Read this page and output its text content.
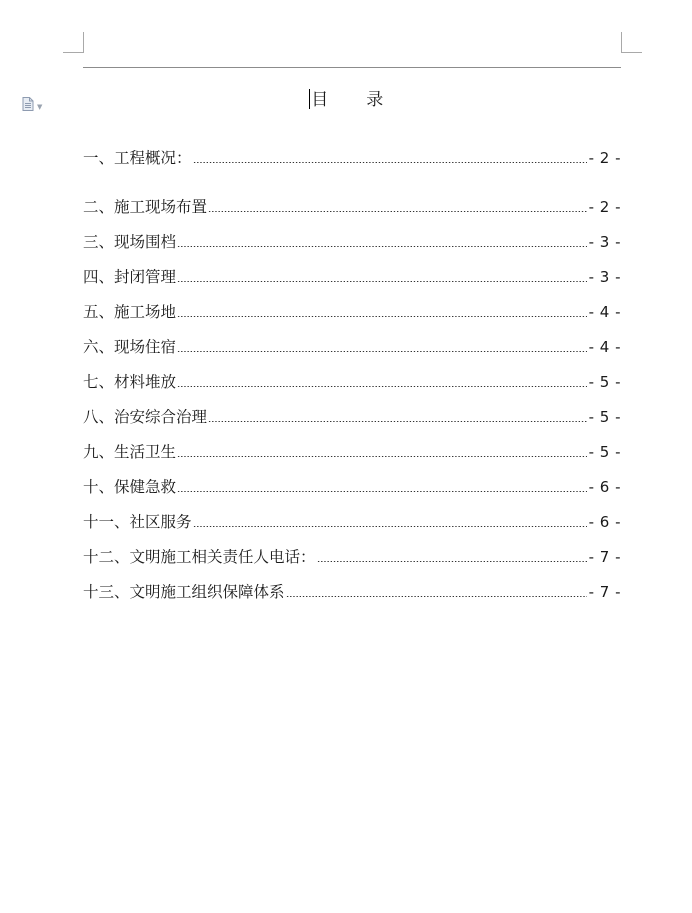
▼	目 录
一、工程概况：	- 2 -
二、施工现场布置	- 2 -
三、现场围档	- 3 -
四、封闭管理	- 3 -
五、施工场地	- 4 -
六、现场住宿	- 4 -
七、材料堆放	- 5 -
八、治安综合治理	- 5 -
九、生活卫生	- 5 -
十、保健急救	- 6 -
十一、社区服务	- 6 -
十二、文明施工相关责任人电话：	- 7 -
十三、文明施工组织保障体系	- 7 -
